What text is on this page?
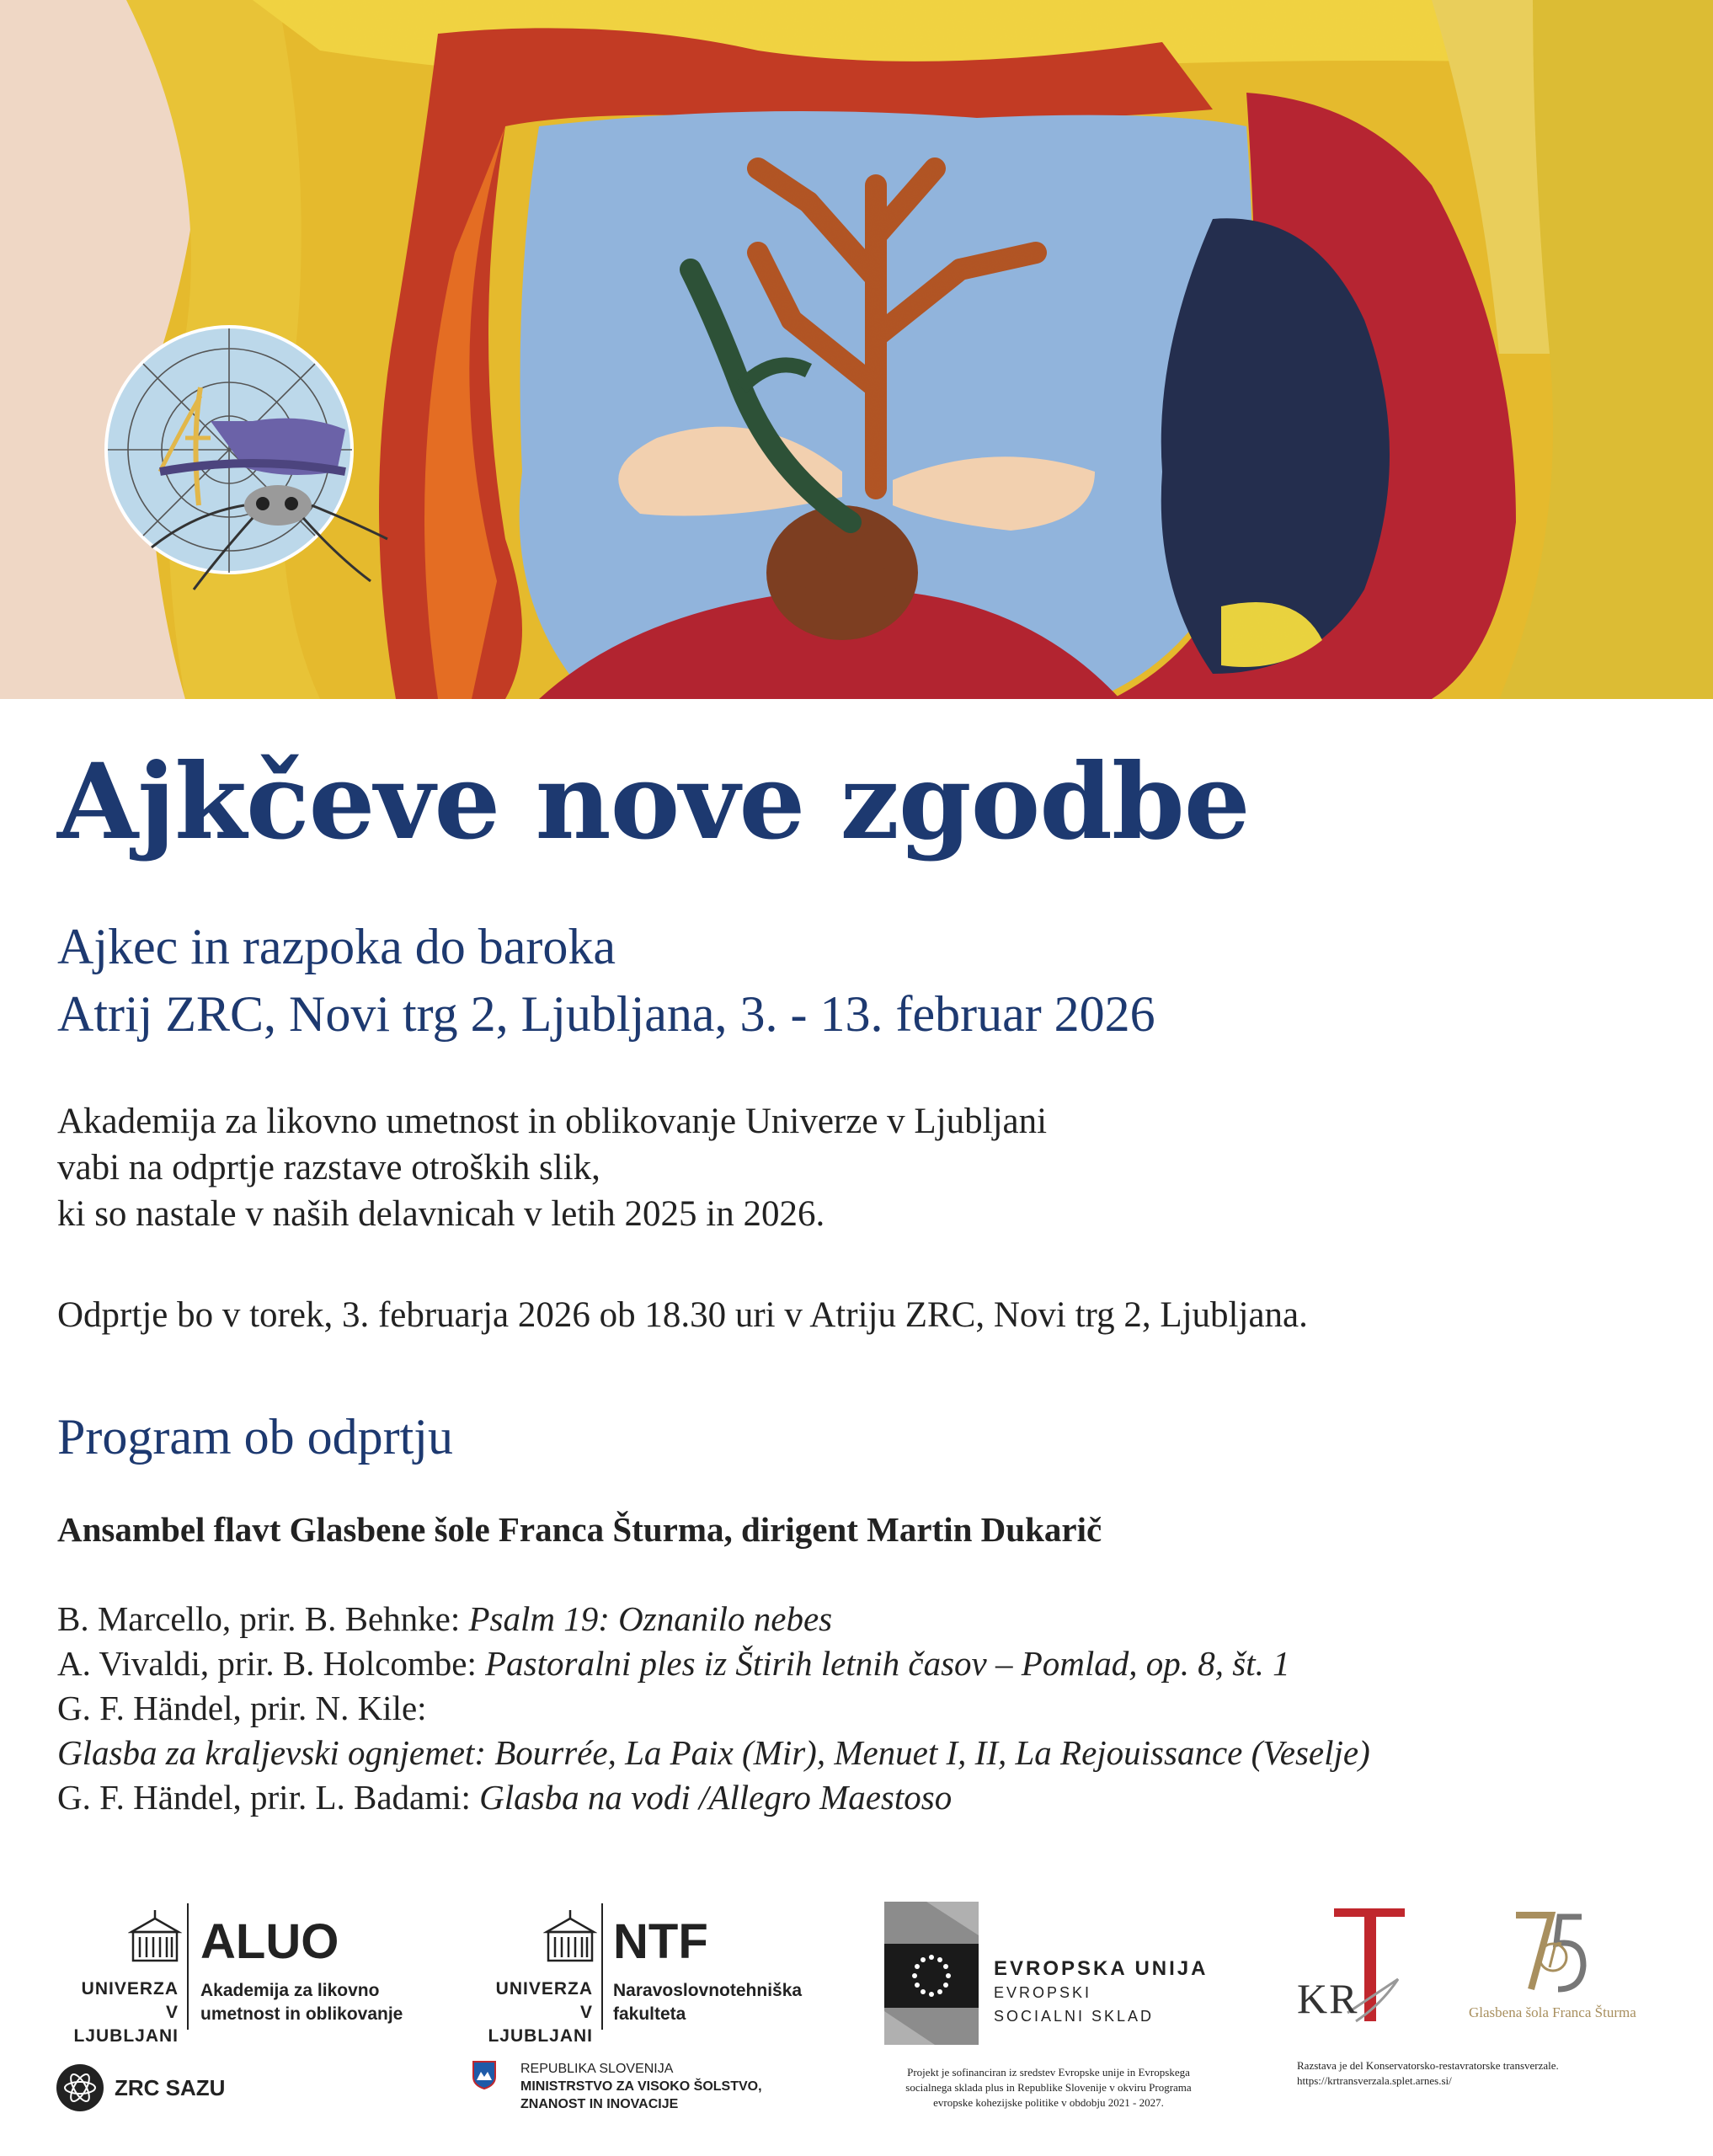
Ajkčeve nove zgodbe
Ajkec in razpoka do baroka
Atrij ZRC, Novi trg 2, Ljubljana, 3. - 13. februar 2026

Akademija za likovno umetnost in oblikovanje Univerze v Ljubljani

vabi na odprtje razstave otroških slik,

ki so nastale v naših delavnicah v letih 2025 in 2026.

Odprtje bo v torek, 3. februarja 2026 ob 18.30 uri v Atriju ZRC, Novi trg 2, Ljubljana.

Program ob odprtju

Ansambel flavt Glasbene šole Franca Šturma, dirigent Martin Dukarič

B. Marcello, prir. B. Behnke: Psalm 19: Oznanilo nebes

A. Vivaldi, prir. B. Holcombe: Pastoralni ples iz Štirih letnih časov – Pomlad, op. 8, št. 1

G. F. Händel, prir. N. Kile:

Glasba za kraljevski ognjemet: Bourrée, La Paix (Mir), Menuet I, II, La Rejouissance (Veselje)

G. F. Händel, prir. L. Badami: Glasba na vodi /Allegro Maestoso

UNIVERZA
V LJUBLJANI
ALUO
Akademija za likovno
umetnost in oblikovanje
ZRC SAZU
UNIVERZA
V LJUBLJANI
NTF
Naravoslovnotehniška
fakulteta
REPUBLIKA SLOVENIJA
MINISTRSTVO ZA VISOKO ŠOLSTVO,
ZNANOST IN INOVACIJE
EVROPSKA UNIJA
EVROPSKI
SOCIALNI SKLAD
Projekt je sofinanciran iz sredstev Evropske unije in Evropskega
socialnega sklada plus in Republike Slovenije v okviru Programa
evropske kohezijske politike v obdobju 2021 - 2027.
KR
Razstava je del Konservatorsko-restavratorske transverzale.
https://krtransverzala.splet.arnes.si/
Glasbena šola Franca Šturma
